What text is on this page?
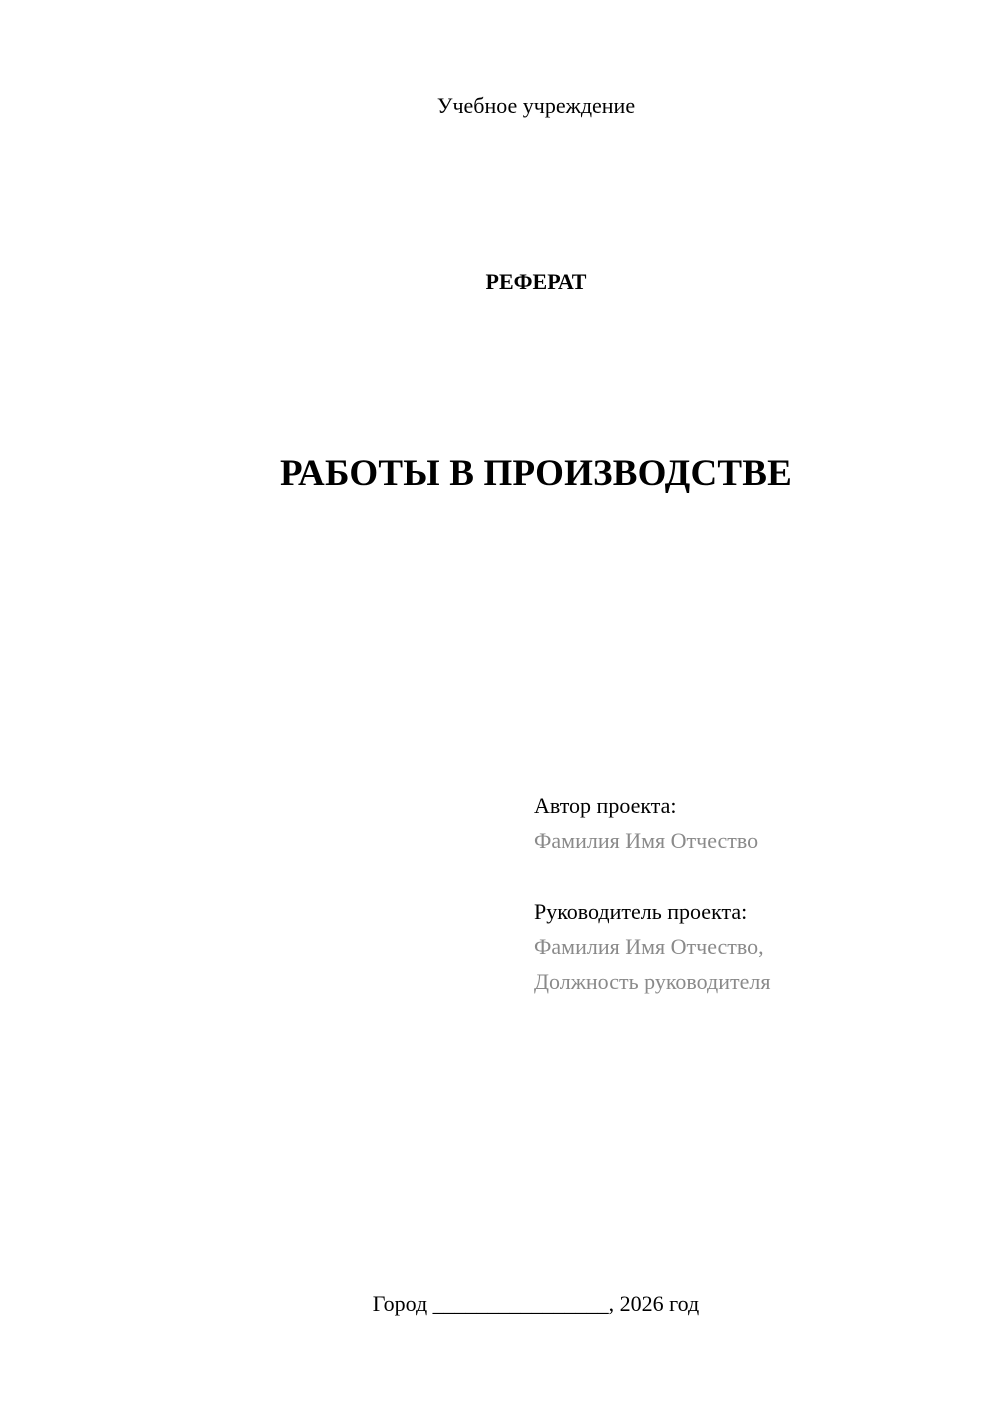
Учебное учреждение
РЕФЕРАТ
РАБОТЫ В ПРОИЗВОДСТВЕ
Автор проекта:
Фамилия Имя Отчество
Руководитель проекта:
Фамилия Имя Отчество,
Должность руководителя
Город ________________, 2026 год
